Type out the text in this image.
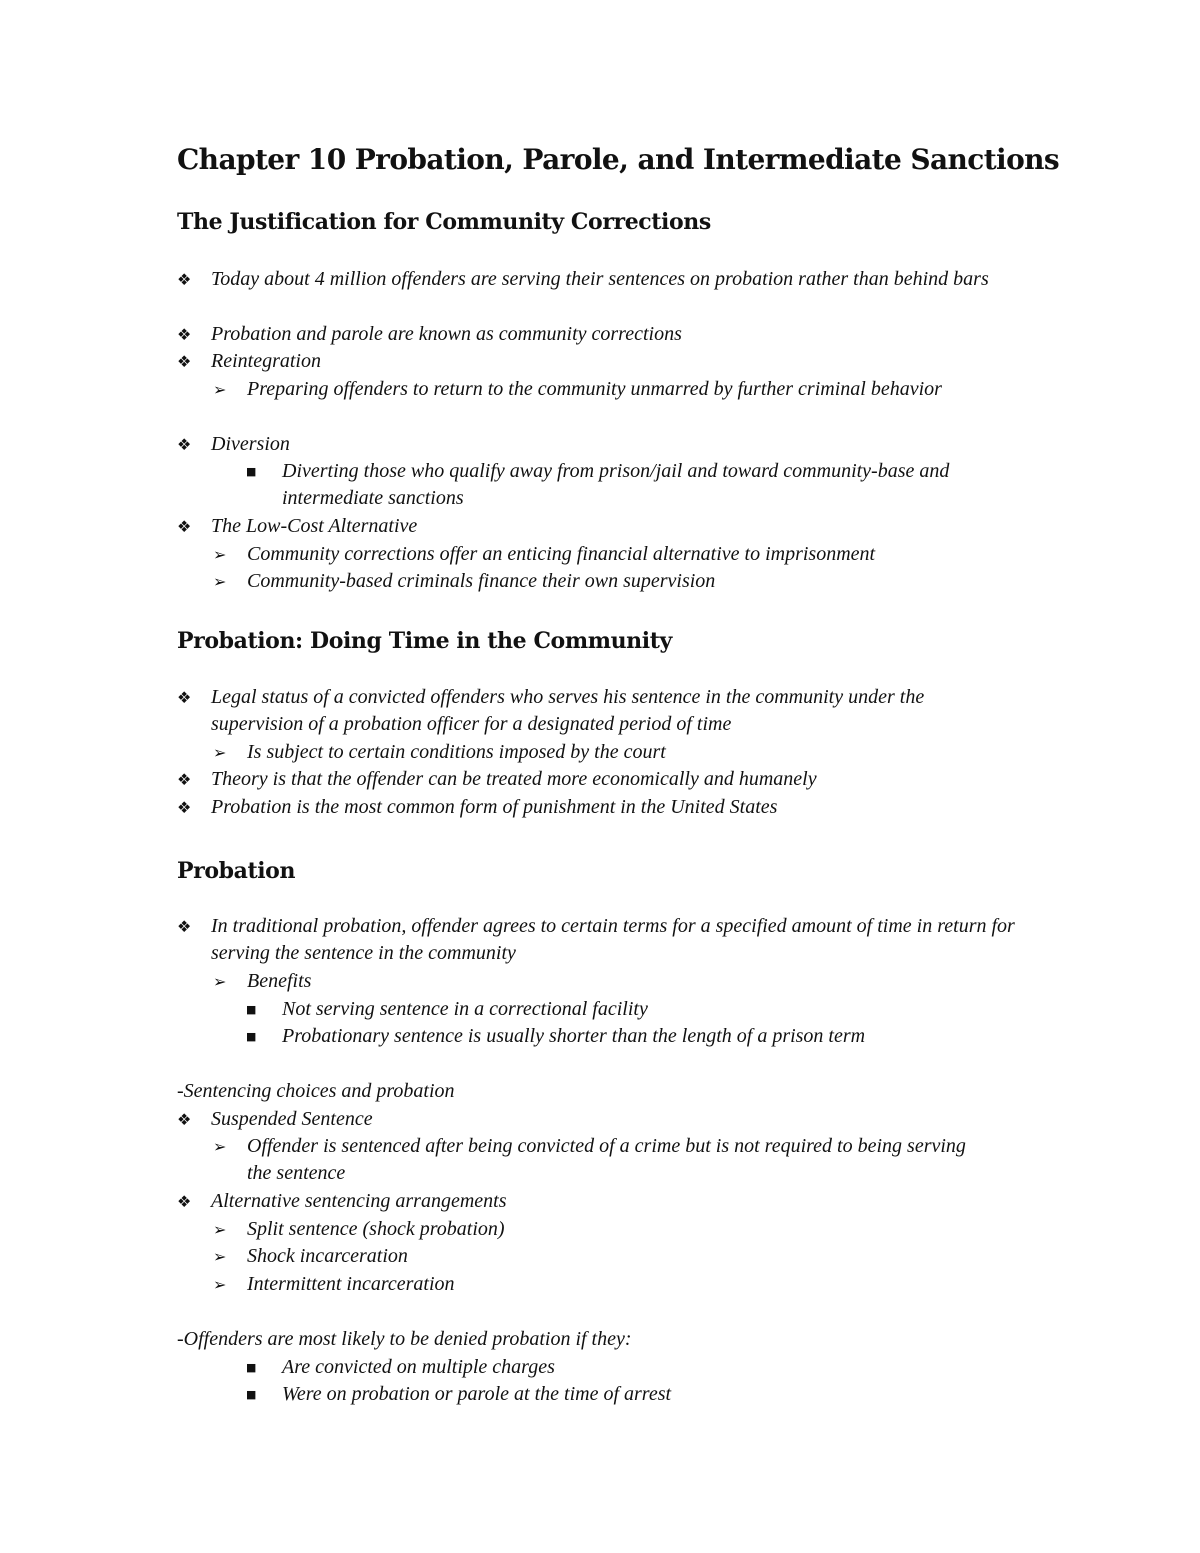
Chapter 10 Probation, Parole, and Intermediate Sanctions
The Justification for Community Corrections
❖ Today about 4 million offenders are serving their sentences on probation rather than behind bars
❖ Probation and parole are known as community corrections
❖ Reintegration
➢ Preparing offenders to return to the community unmarred by further criminal behavior
❖ Diversion
■ Diverting those who qualify away from prison/jail and toward community-base and intermediate sanctions
❖ The Low-Cost Alternative
➢ Community corrections offer an enticing financial alternative to imprisonment
➢ Community-based criminals finance their own supervision
Probation: Doing Time in the Community
❖ Legal status of a convicted offenders who serves his sentence in the community under the supervision of a probation officer for a designated period of time
➢ Is subject to certain conditions imposed by the court
❖ Theory is that the offender can be treated more economically and humanely
❖ Probation is the most common form of punishment in the United States
Probation
❖ In traditional probation, offender agrees to certain terms for a specified amount of time in return for serving the sentence in the community
➢ Benefits
■ Not serving sentence in a correctional facility
■ Probationary sentence is usually shorter than the length of a prison term
-Sentencing choices and probation
❖ Suspended Sentence
➢ Offender is sentenced after being convicted of a crime but is not required to being serving the sentence
❖ Alternative sentencing arrangements
➢ Split sentence (shock probation)
➢ Shock incarceration
➢ Intermittent incarceration
-Offenders are most likely to be denied probation if they:
■ Are convicted on multiple charges
■ Were on probation or parole at the time of arrest
